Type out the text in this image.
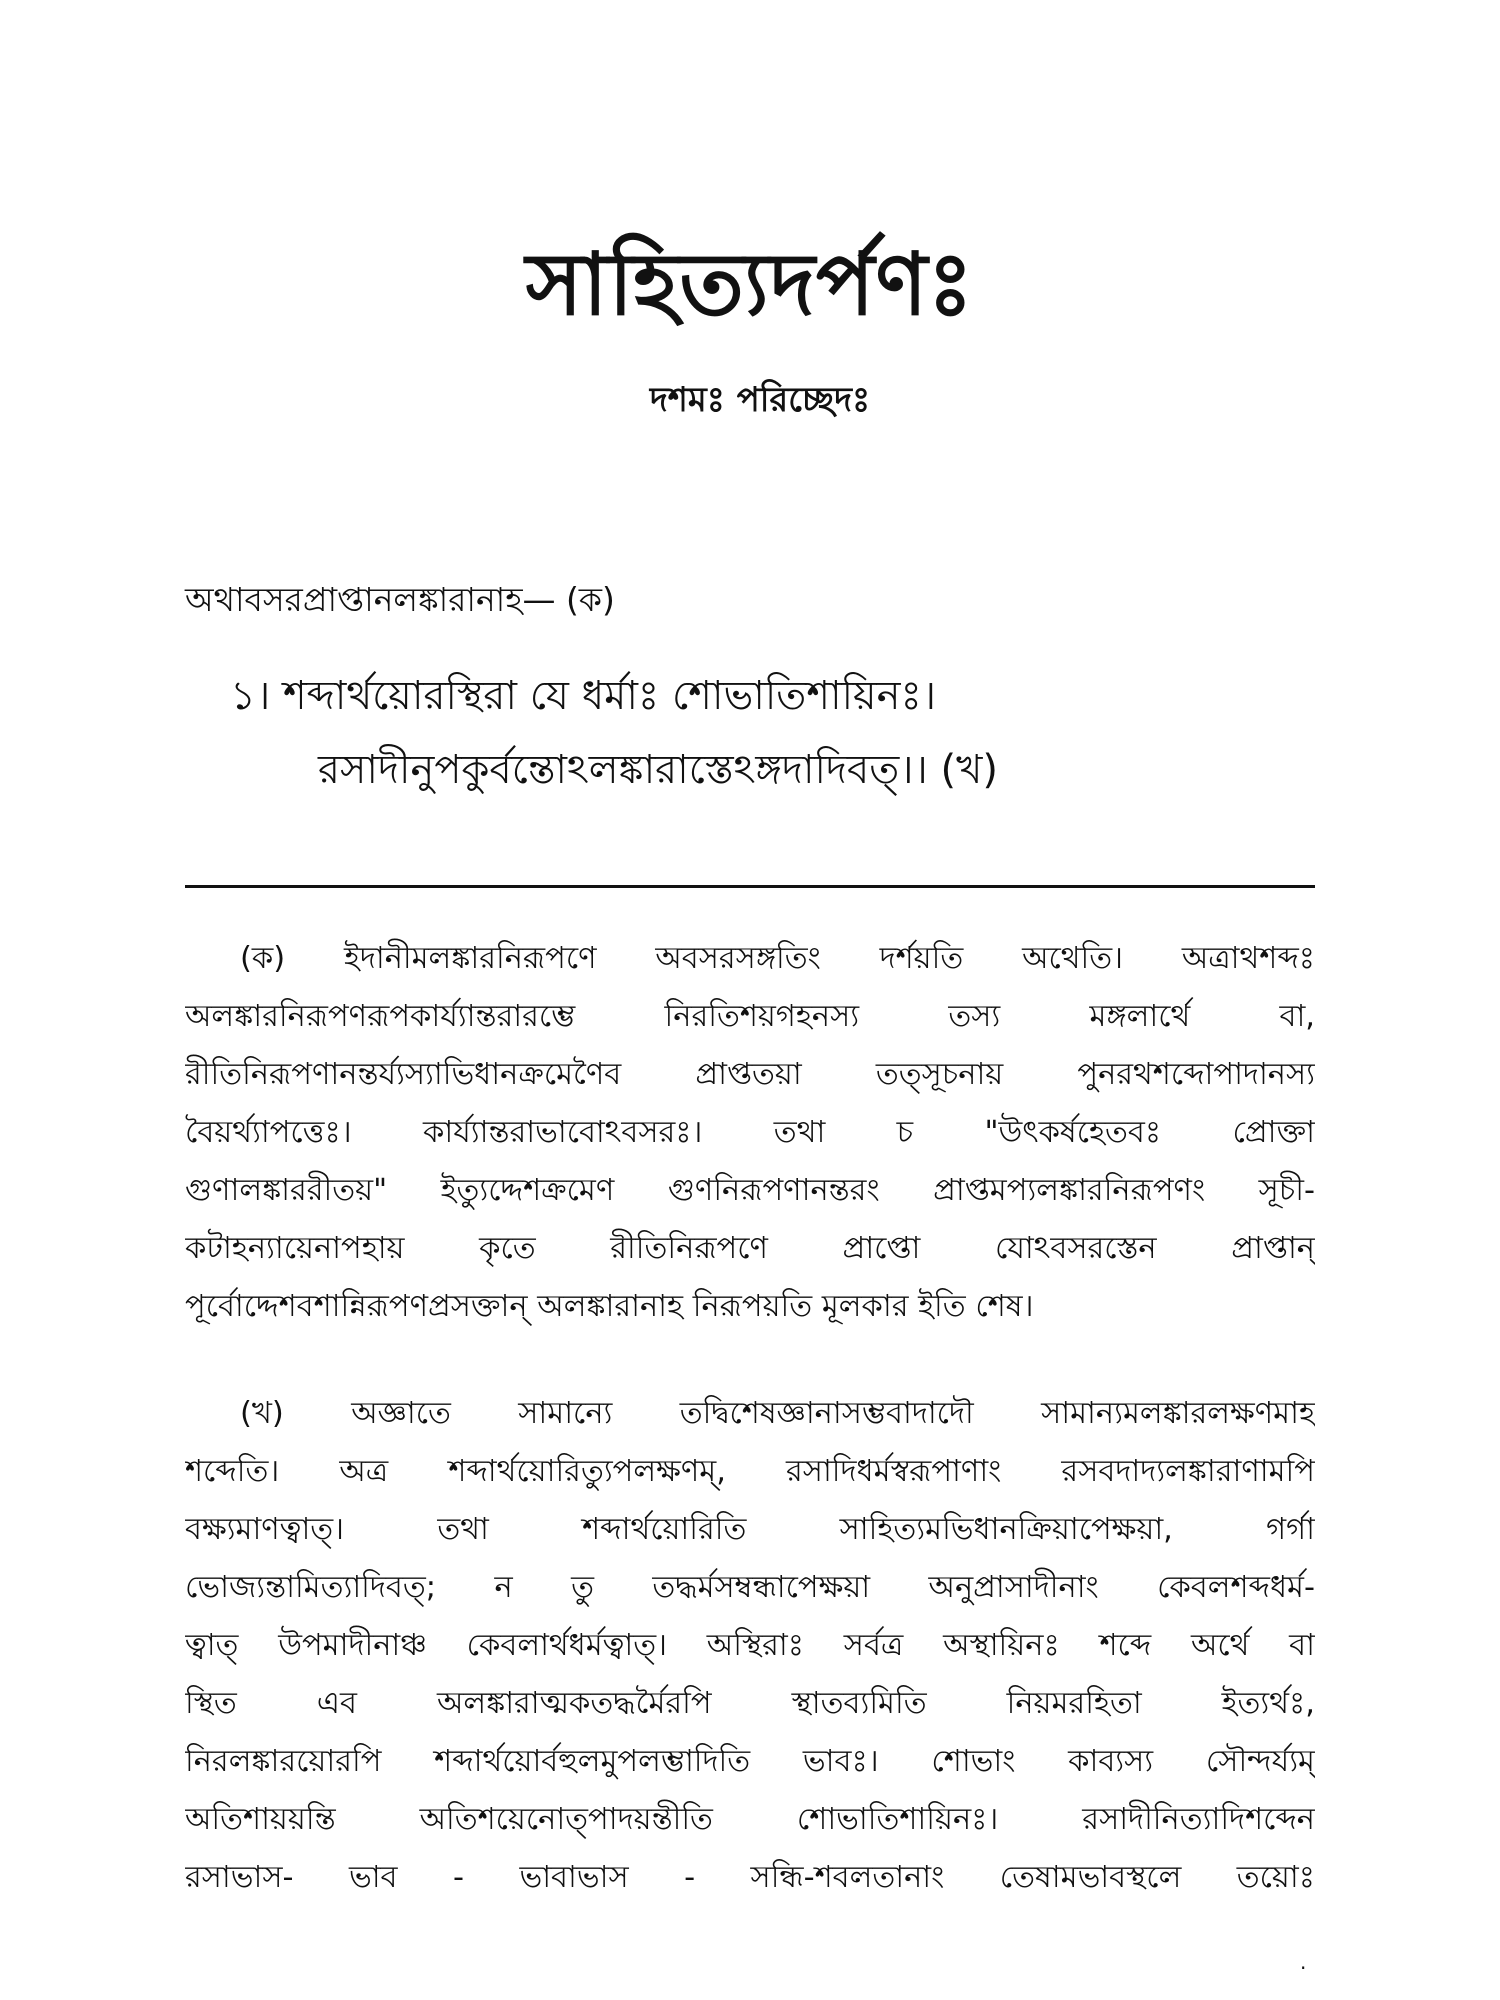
সাহিত্যদর্পণঃ
দশমঃ পরিচ্ছেদঃ
অথাবসরপ্রাপ্তানলঙ্কারানাহ— (ক)
১। শব্দার্থয়োরস্থিরা যে ধর্মাঃ শোভাতিশায়িনঃ।
রসাদীনুপকুর্বন্তোঽলঙ্কারাস্তেঽঙ্গদাদিবত্।। (খ)
(ক) ইদানীমলঙ্কারনিরূপণে অবসরসঙ্গতিং দর্শয়তি অথেতি। অত্রাথশব্দঃ
অলঙ্কারনিরূপণরূপকার্য্যান্তরারম্ভে নিরতিশয়গহনস্য তস্য মঙ্গলার্থে বা,
রীতিনিরূপণানন্তর্য্যস্যাভিধানক্রমেণৈব প্রাপ্ততয়া তত্সূচনায় পুনরথশব্দোপাদানস্য
বৈয়র্থ্যাপত্তেঃ। কার্য্যান্তরাভাবোঽবসরঃ। তথা চ "উৎকর্ষহেতবঃ প্রোক্তা
গুণালঙ্কাররীতয়" ইত্যুদ্দেশক্রমেণ গুণনিরূপণানন্তরং প্রাপ্তমপ্যলঙ্কারনিরূপণং সূচী-
কটাহন্যায়েনাপহায় কৃতে রীতিনিরূপণে প্রাপ্তো যোঽবসরস্তেন প্রাপ্তান্
পূর্বোদ্দেশবশান্নিরূপণপ্রসক্তান্ অলঙ্কারানাহ নিরূপয়তি মূলকার ইতি শেষ।
(খ) অজ্ঞাতে সামান্যে তদ্বিশেষজ্ঞানাসম্ভবাদাদৌ সামান্যমলঙ্কারলক্ষণমাহ
শব্দেতি। অত্র শব্দার্থয়োরিত্যুপলক্ষণম্, রসাদিধর্মস্বরূপাণাং রসবদাদ্যলঙ্কারাণামপি
বক্ষ্যমাণত্বাত্। তথা শব্দার্থয়োরিতি সাহিত্যমভিধানক্রিয়াপেক্ষয়া, গর্গা
ভোজ্যন্তামিত্যাদিবত্; ন তু তদ্ধর্মসম্বন্ধাপেক্ষয়া অনুপ্রাসাদীনাং কেবলশব্দধর্ম-
ত্বাত্ উপমাদীনাঞ্চ কেবলার্থধর্মত্বাত্। অস্থিরাঃ সর্বত্র অস্থায়িনঃ শব্দে অর্থে বা
স্থিত এব অলঙ্কারাত্মকতদ্ধর্মৈরপি স্থাতব্যমিতি নিয়মরহিতা ইত্যর্থঃ,
নিরলঙ্কারয়োরপি শব্দার্থয়োর্বহুলমুপলম্ভাদিতি ভাবঃ। শোভাং কাব্যস্য সৌন্দর্য্যম্
অতিশায়য়ন্তি অতিশয়েনোত্পাদয়ন্তীতি শোভাতিশায়িনঃ। রসাদীনিত্যাদিশব্দেন
রসাভাস- ভাব - ভাবাভাস - সন্ধি-শবলতানাং তেষামভাবস্থলে তয়োঃ
.
